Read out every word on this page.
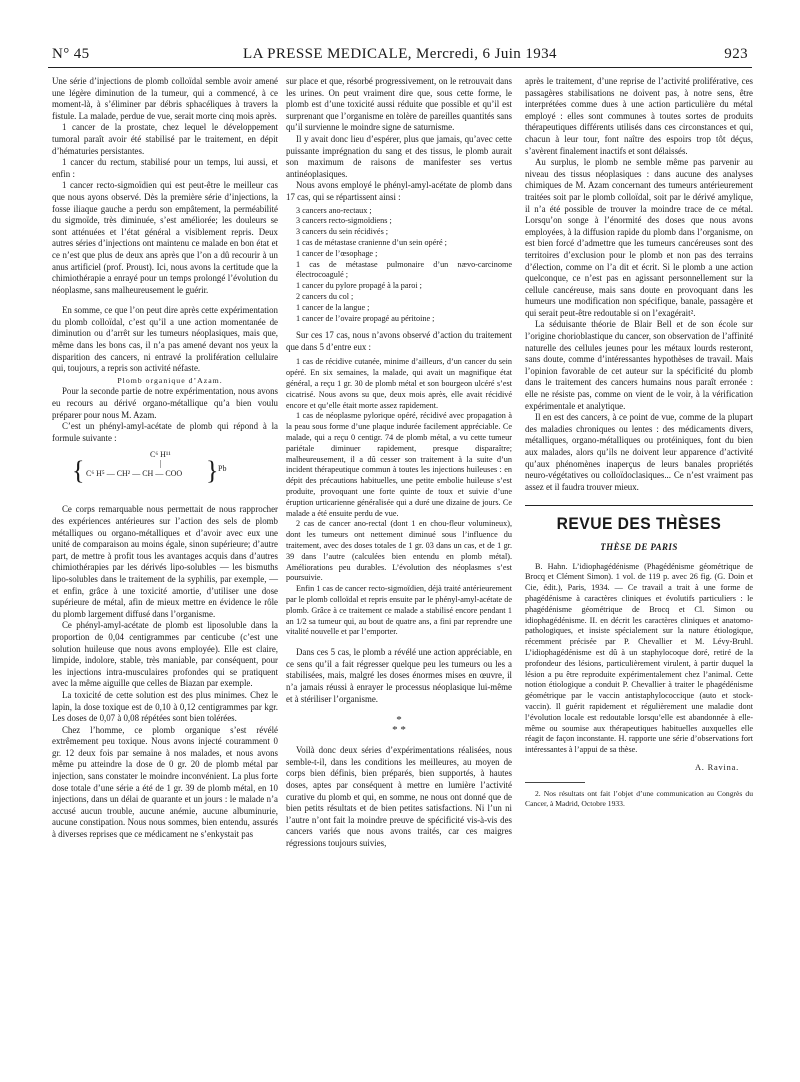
N° 45	LA PRESSE MEDICALE, Mercredi, 6 Juin 1934	923

Une série d’injections de plomb colloïdal semble avoir amené une légère diminution de la tumeur, qui a commencé, à ce moment-là, à s’éliminer par débris sphacéliques à travers la fistule. La malade, perdue de vue, serait morte cinq mois après.

1 cancer de la prostate, chez lequel le développement tumoral paraît avoir été stabilisé par le traitement, en dépit d’hématuries persistantes.

1 cancer du rectum, stabilisé pour un temps, lui aussi, et enfin :

1 cancer recto-sigmoïdien qui est peut-être le meilleur cas que nous ayons observé. Dès la première série d’injections, la fosse iliaque gauche a perdu son empâtement, la perméabilité du sigmoïde, très diminuée, s’est améliorée; les douleurs se sont atténuées et l’état général a visiblement repris. Deux autres séries d’injections ont maintenu ce malade en bon état et ce n’est que plus de deux ans après que l’on a dû recourir à un anus artificiel (prof. Proust). Ici, nous avons la certitude que la chimiothérapie a enrayé pour un temps prolongé l’évolution du néoplasme, sans malheureusement le guérir.

En somme, ce que l’on peut dire après cette expérimentation du plomb colloïdal, c’est qu’il a une action momentanée de diminution ou d’arrêt sur les tumeurs néoplasiques, mais que, même dans les bons cas, il n’a pas amené devant nos yeux la disparition des cancers, ni entravé la prolifération cellulaire qui, toujours, a repris son activité néfaste.

Plomb organique d’Azam.

Pour la seconde partie de notre expérimentation, nous avons eu recours au dérivé organo-métallique qu’a bien voulu préparer pour nous M. Azam.

C’est un phényl-amyl-acétate de plomb qui répond à la formule suivante :

C⁶ H¹¹
|
{ C⁶ H⁵ — CH² — CH — COO } Pb

Ce corps remarquable nous permettait de nous rapprocher des expériences antérieures sur l’action des sels de plomb métalliques ou organo-métalliques et d’avoir avec eux une unité de comparaison au moins égale, sinon supérieure; d’autre part, de mettre à profit tous les avantages acquis dans d’autres chimiothérapies par les dérivés lipo-solubles — les bismuths lipo-solubles dans le traitement de la syphilis, par exemple, — et enfin, grâce à une toxicité amortie, d’utiliser une dose supérieure de métal, afin de mieux mettre en évidence le rôle du plomb largement diffusé dans l’organisme.

Ce phényl-amyl-acétate de plomb est liposoluble dans la proportion de 0,04 centigrammes par centicube (c’est une solution huileuse que nous avons employée). Elle est claire, limpide, indolore, stable, très maniable, par conséquent, pour les injections intra-musculaires profondes qui se pratiquent avec la même aiguille que celles de Biazan par exemple.

La toxicité de cette solution est des plus minimes. Chez le lapin, la dose toxique est de 0,10 à 0,12 centigrammes par kgr. Les doses de 0,07 à 0,08 répétées sont bien tolérées.

Chez l’homme, ce plomb organique s’est révélé extrêmement peu toxique. Nous avons injecté couramment 0 gr. 12 deux fois par semaine à nos malades, et nous avons même pu atteindre la dose de 0 gr. 20 de plomb métal par injection, sans constater le moindre inconvénient. La plus forte dose totale d’une série a été de 1 gr. 39 de plomb métal, en 10 injections, dans un délai de quarante et un jours : le malade n’a accusé aucun trouble, aucune anémie, aucune albuminurie, aucune constipation. Nous nous sommes, bien entendu, assurés à diverses reprises que ce médicament ne s’enkystait pas

sur place et que, résorbé progressivement, on le retrouvait dans les urines. On peut vraiment dire que, sous cette forme, le plomb est d’une toxicité aussi réduite que possible et qu’il est surprenant que l’organisme en tolère de pareilles quantités sans qu’il survienne le moindre signe de saturnisme.

Il y avait donc lieu d’espérer, plus que jamais, qu’avec cette puissante imprégnation du sang et des tissus, le plomb aurait son maximum de raisons de manifester ses vertus antinéoplasiques.

Nous avons employé le phényl-amyl-acétate de plomb dans 17 cas, qui se répartissent ainsi :

3 cancers ano-rectaux ;

3 cancers recto-sigmoïdiens ;

3 cancers du sein récidivés ;

1 cas de métastase cranienne d’un sein opéré ;

1 cancer de l’œsophage ;

1 cas de métastase pulmonaire d’un nævo-carcinome électrocoagulé ;

1 cancer du pylore propagé à la paroi ;

2 cancers du col ;

1 cancer de la langue ;

1 cancer de l’ovaire propagé au péritoine ;

Sur ces 17 cas, nous n’avons observé d’action du traitement que dans 5 d’entre eux :

1 cas de récidive cutanée, minime d’ailleurs, d’un cancer du sein opéré. En six semaines, la malade, qui avait un magnifique état général, a reçu 1 gr. 30 de plomb métal et son bourgeon ulcéré s’est cicatrisé. Nous avons su que, deux mois après, elle avait récidivé encore et qu’elle était morte assez rapidement.

1 cas de néoplasme pylorique opéré, récidivé avec propagation à la peau sous forme d’une plaque indurée facilement appréciable. Ce malade, qui a reçu 0 centigr. 74 de plomb métal, a vu cette tumeur pariétale diminuer rapidement, presque disparaître; malheureusement, il a dû cesser son traitement à la suite d’un incident thérapeutique commun à toutes les injections huileuses : en dépit des précautions habituelles, une petite embolie huileuse s’est produite, provoquant une forte quinte de toux et suivie d’une éruption urticarienne généralisée qui a duré une dizaine de jours. Ce malade a été ensuite perdu de vue.

2 cas de cancer ano-rectal (dont 1 en chou-fleur volumineux), dont les tumeurs ont nettement diminué sous l’influence du traitement, avec des doses totales de 1 gr. 03 dans un cas, et de 1 gr. 39 dans l’autre (calculées bien entendu en plomb métal). Améliorations peu durables. L’évolution des néoplasmes s’est poursuivie.

Enfin 1 cas de cancer recto-sigmoïdien, déjà traité antérieurement par le plomb colloïdal et repris ensuite par le phényl-amyl-acétate de plomb. Grâce à ce traitement ce malade a stabilisé encore pendant 1 an 1/2 sa tumeur qui, au bout de quatre ans, a fini par reprendre une vitalité nouvelle et par l’emporter.

Dans ces 5 cas, le plomb a révélé une action appréciable, en ce sens qu’il a fait régresser quelque peu les tumeurs ou les a stabilisées, mais, malgré les doses énormes mises en œuvre, il n’a jamais réussi à enrayer le processus néoplasique lui-même et à stériliser l’organisme.

*
* *

Voilà donc deux séries d’expérimentations réalisées, nous semble-t-il, dans les conditions les meilleures, au moyen de corps bien définis, bien préparés, bien supportés, à hautes doses, aptes par conséquent à mettre en lumière l’activité curative du plomb et qui, en somme, ne nous ont donné que de bien petits résultats et de bien petites satisfactions. Ni l’un ni l’autre n’ont fait la moindre preuve de spécificité vis-à-vis des cancers variés que nous avons traités, car ces maigres régressions toujours suivies,

après le traitement, d’une reprise de l’activité proliférative, ces passagères stabilisations ne doivent pas, à notre sens, être interprétées comme dues à une action particulière du métal employé : elles sont communes à toutes sortes de produits thérapeutiques différents utilisés dans ces circonstances et qui, chacun à leur tour, font naître des espoirs trop tôt déçus, s’avèrent finalement inactifs et sont délaissés.

Au surplus, le plomb ne semble même pas parvenir au niveau des tissus néoplasiques : dans aucune des analyses chimiques de M. Azam concernant des tumeurs antérieurement traitées soit par le plomb colloïdal, soit par le dérivé amylique, il n’a été possible de trouver la moindre trace de ce métal. Lorsqu’on songe à l’énormité des doses que nous avons employées, à la diffusion rapide du plomb dans l’organisme, on est bien forcé d’admettre que les tumeurs cancéreuses sont des territoires d’exclusion pour le plomb et non pas des terrains d’élection, comme on l’a dit et écrit. Si le plomb a une action quelconque, ce n’est pas en agissant personnellement sur la cellule cancéreuse, mais sans doute en provoquant dans les humeurs une modification non spécifique, banale, passagère et qui serait peut-être redoutable si on l’exagérait².

La séduisante théorie de Blair Bell et de son école sur l’origine chorioblastique du cancer, son observation de l’affinité naturelle des cellules jeunes pour les métaux lourds resteront, sans doute, comme d’intéressantes hypothèses de travail. Mais l’opinion favorable de cet auteur sur la spécificité du plomb dans le traitement des cancers humains nous paraît erronée : elle ne résiste pas, comme on vient de le voir, à la vérification expérimentale et analytique.

Il en est des cancers, à ce point de vue, comme de la plupart des maladies chroniques ou lentes : des médicaments divers, métalliques, organo-métalliques ou protéiniques, font du bien aux malades, alors qu’ils ne doivent leur apparence d’activité qu’aux phénomènes inaperçus de leurs banales propriétés neuro-végétatives ou colloïdoclasiques... Ce n’est vraiment pas assez et il faudra trouver mieux.

REVUE DES THÈSES
THÈSE DE PARIS

B. Hahn. L’idiophagédénisme (Phagédénisme géométrique de Brocq et Clément Simon). 1 vol. de 119 p. avec 26 fig. (G. Doin et Cie, édit.), Paris, 1934. — Ce travail a trait à une forme de phagédénisme à caractères cliniques et évolutifs particuliers : le phagédénisme géométrique de Brocq et Cl. Simon ou idiophagédénisme. II. en décrit les caractères cliniques et anatomo-pathologiques, et insiste spécialement sur la nature étiologique, récemment précisée par P. Chevallier et M. Lévy-Bruhl. L’idiophagédénisme est dû à un staphylocoque doré, retiré de la profondeur des lésions, particulièrement virulent, à partir duquel la lésion a pu être reproduite expérimentalement chez l’animal. Cette notion étiologique a conduit P. Chevallier à traiter le phagédénisme géométrique par le vaccin antistaphylococcique (auto et stock-vaccin). Il guérit rapidement et régulièrement une maladie dont l’évolution locale est redoutable lorsqu’elle est abandonnée à elle-même ou soumise aux thérapeutiques habituelles auxquelles elle réagit de façon inconstante. H. rapporte une série d’observations fort intéressantes à l’appui de sa thèse.

A. Ravina.

2. Nos résultats ont fait l’objet d’une communication au Congrès du Cancer, à Madrid, Octobre 1933.
